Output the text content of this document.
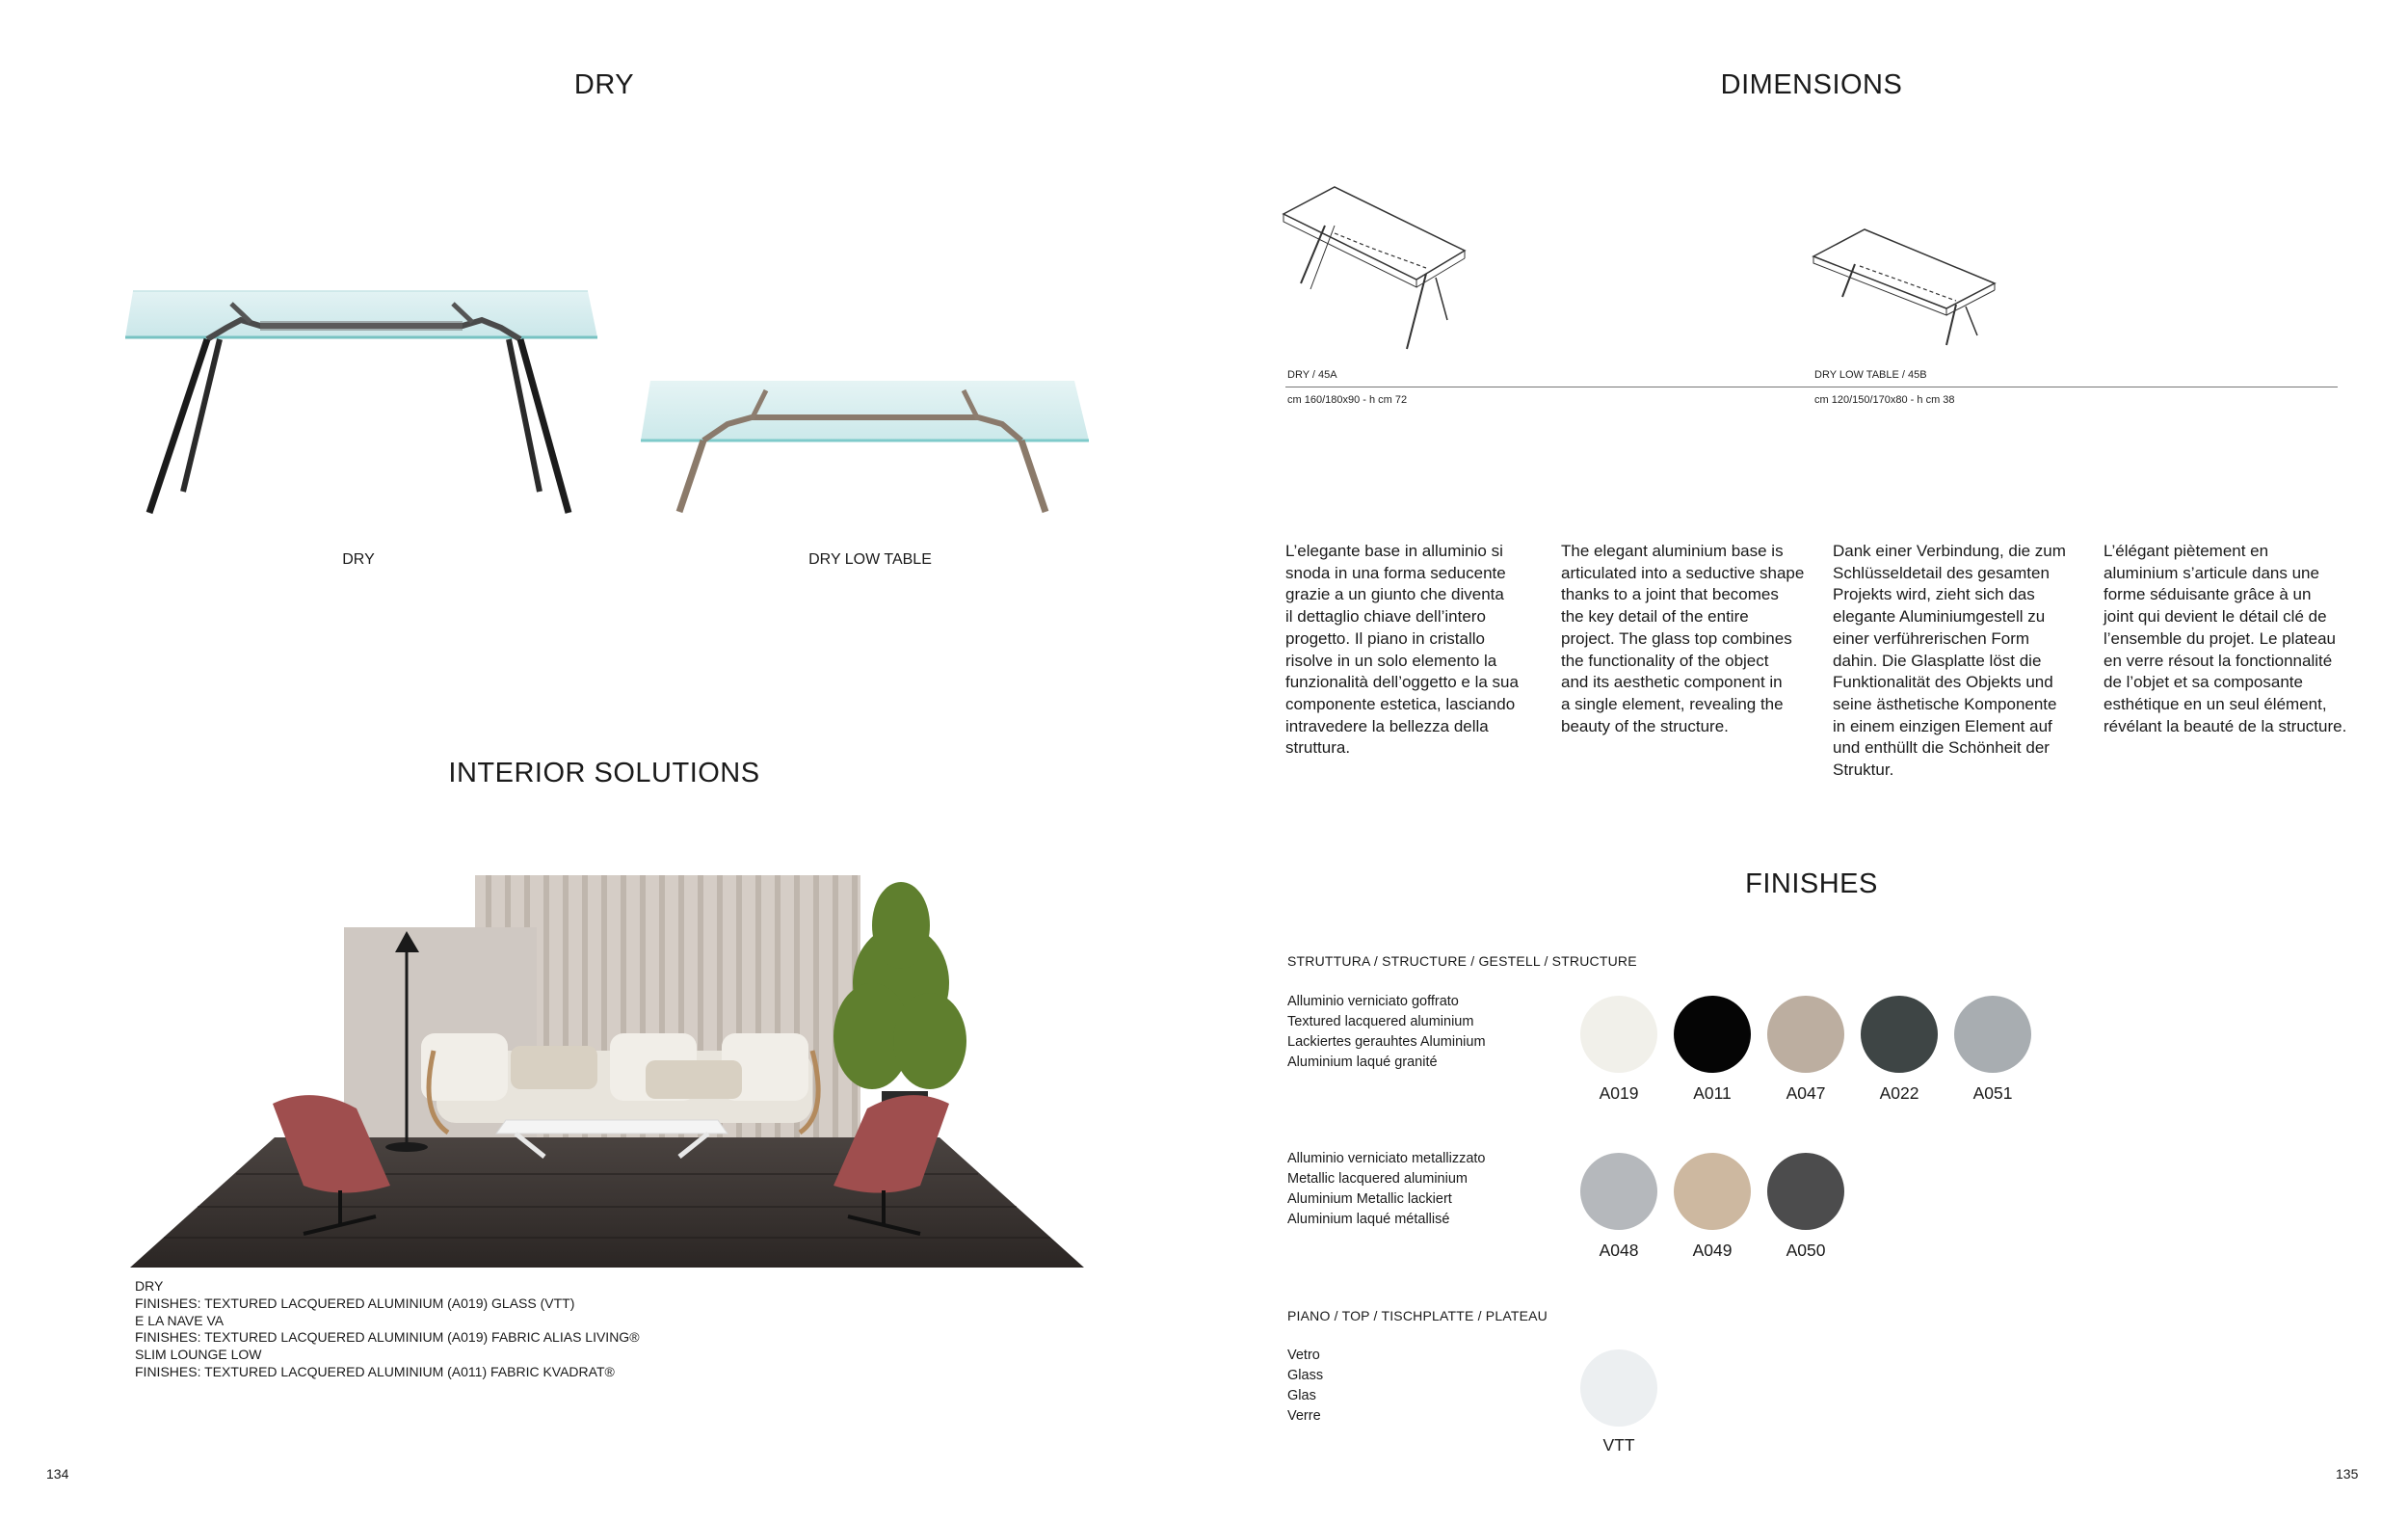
DRY
DRY	DRY LOW TABLE
INTERIOR SOLUTIONS
DRY
FINISHES: TEXTURED LACQUERED ALUMINIUM (A019) GLASS (VTT)
E LA NAVE VA
FINISHES: TEXTURED LACQUERED ALUMINIUM (A019) FABRIC ALIAS LIVING®
SLIM LOUNGE LOW
FINISHES: TEXTURED LACQUERED ALUMINIUM (A011) FABRIC KVADRAT®
134
DIMENSIONS
DRY / 45A	DRY LOW TABLE / 45B
cm 160/180x90 - h cm 72	cm 120/150/170x80 - h cm 38
L’elegante base in alluminio si
snoda in una forma seducente
grazie a un giunto che diventa
il dettaglio chiave dell’intero
progetto. Il piano in cristallo
risolve in un solo elemento la
funzionalità dell’oggetto e la sua
componente estetica, lasciando
intravedere la bellezza della
struttura.
The elegant aluminium base is
articulated into a seductive shape
thanks to a joint that becomes
the key detail of the entire
project. The glass top combines
the functionality of the object
and its aesthetic component in
a single element, revealing the
beauty of the structure.
Dank einer Verbindung, die zum
Schlüsseldetail des gesamten
Projekts wird, zieht sich das
elegante Aluminiumgestell zu
einer verführerischen Form
dahin. Die Glasplatte löst die
Funktionalität des Objekts und
seine ästhetische Komponente
in einem einzigen Element auf
und enthüllt die Schönheit der
Struktur.
L’élégant piètement en
aluminium s’articule dans une
forme séduisante grâce à un
joint qui devient le détail clé de
l’ensemble du projet. Le plateau
en verre résout la fonctionnalité
de l’objet et sa composante
esthétique en un seul élément,
révélant la beauté de la structure.
FINISHES
STRUTTURA / STRUCTURE / GESTELL / STRUCTURE
Alluminio verniciato goffrato
Textured lacquered aluminium
Lackiertes gerauhtes Aluminium
Aluminium laqué granité
A019	A011	A047	A022	A051
Alluminio verniciato metallizzato
Metallic lacquered aluminium
Aluminium Metallic lackiert
Aluminium laqué métallisé
A048	A049	A050
PIANO / TOP / TISCHPLATTE / PLATEAU
Vetro
Glass
Glas
Verre
VTT
135
